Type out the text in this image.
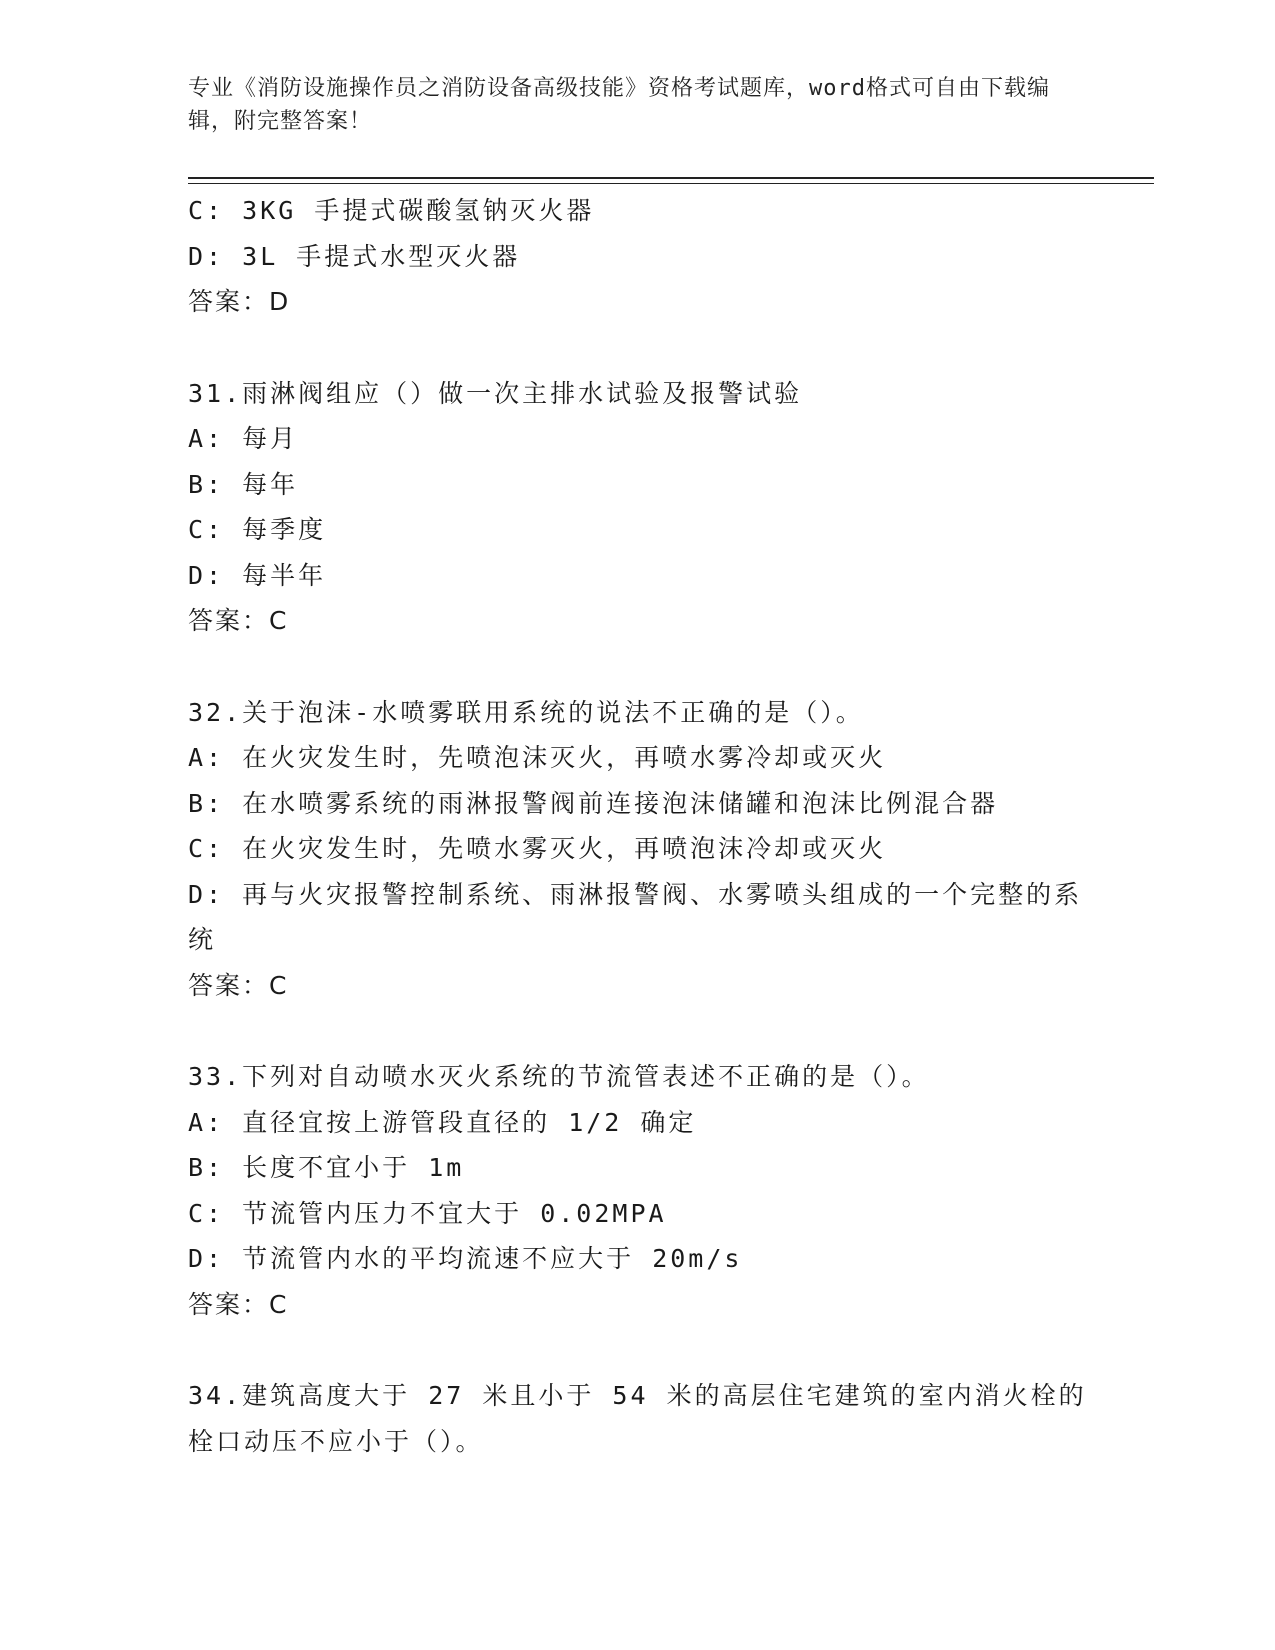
专业《消防设施操作员之消防设备高级技能》资格考试题库，word格式可自由下载编辑，附完整答案！
C: 3KG 手提式碳酸氢钠灭火器
D: 3L 手提式水型灭火器
答案：D
31.雨淋阀组应（）做一次主排水试验及报警试验
A: 每月
B: 每年
C: 每季度
D: 每半年
答案：C
32.关于泡沫-水喷雾联用系统的说法不正确的是（）。
A: 在火灾发生时，先喷泡沫灭火，再喷水雾冷却或灭火
B: 在水喷雾系统的雨淋报警阀前连接泡沫储罐和泡沫比例混合器
C: 在火灾发生时，先喷水雾灭火，再喷泡沫冷却或灭火
D: 再与火灾报警控制系统、雨淋报警阀、水雾喷头组成的一个完整的系统
答案：C
33.下列对自动喷水灭火系统的节流管表述不正确的是（）。
A: 直径宜按上游管段直径的 1/2 确定
B: 长度不宜小于 1m
C: 节流管内压力不宜大于 0.02MPA
D: 节流管内水的平均流速不应大于 20m/s
答案：C
34.建筑高度大于 27 米且小于 54 米的高层住宅建筑的室内消火栓的栓口动压不应小于（）。
